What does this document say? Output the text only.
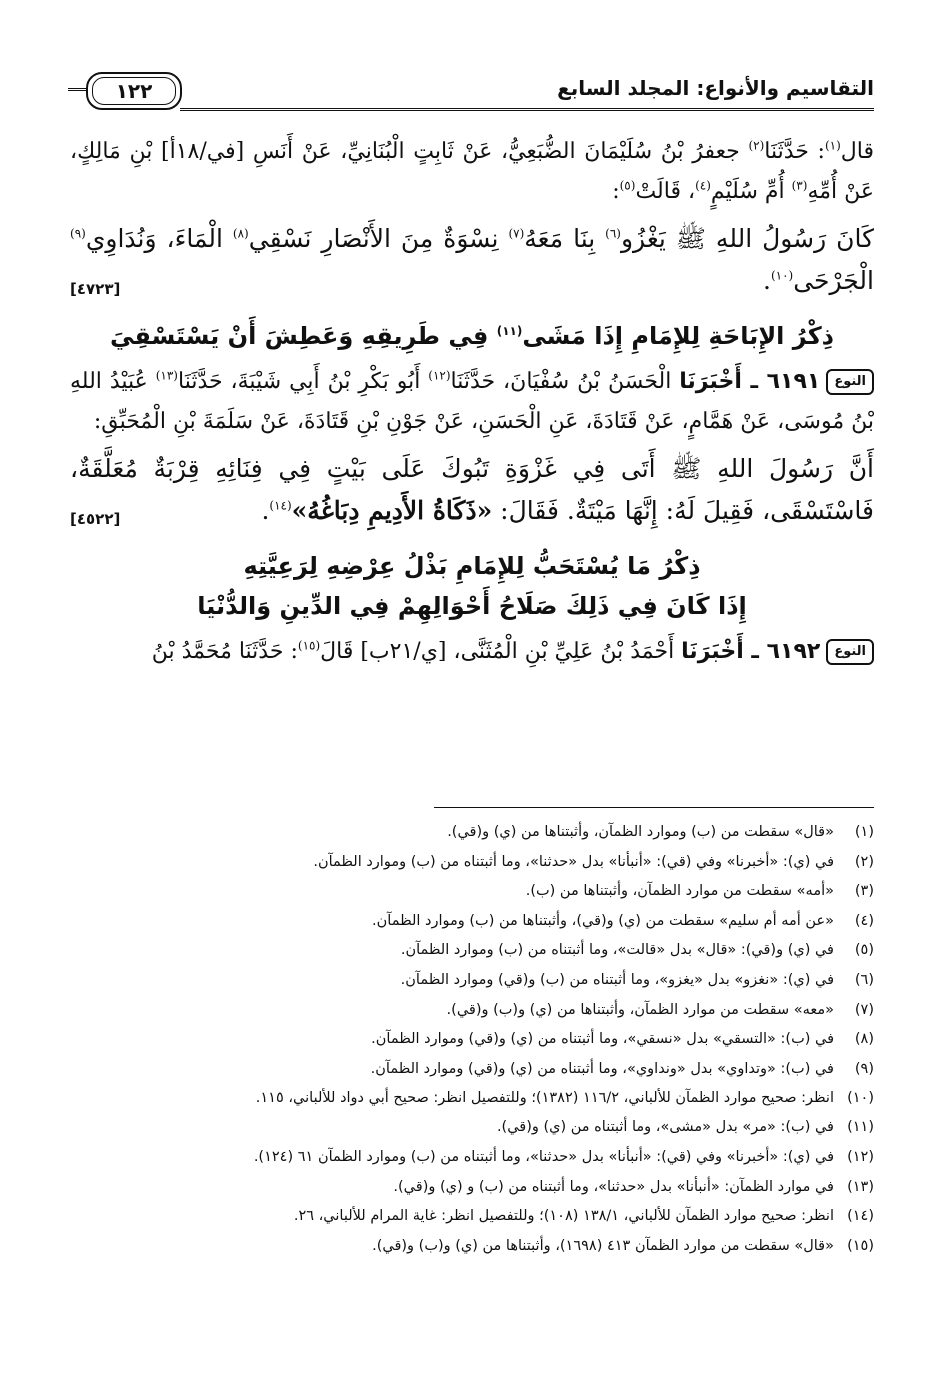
التقاسيم والأنواع: المجلد السابع
١٢٢

قال$^{(١)}$: حَدَّثَنَا$^{(٢)}$ جعفرُ بْنُ سُلَيْمَانَ الضُّبَعِيُّ، عَنْ ثَابِتٍ الْبُنَانِيِّ، عَنْ أَنَسِ [في/١٨أ] بْنِ مَالِكٍ، عَنْ أُمِّهِ$^{(٣)}$ أُمِّ سُلَيْمٍ$^{(٤)}$، قَالَتْ$^{(٥)}$:

كَانَ رَسُولُ اللهِ ﷺ يَغْزُو$^{(٦)}$ بِنَا مَعَهُ$^{(٧)}$ نِسْوَةٌ مِنَ الأَنْصَارِ نَسْقِي$^{(٨)}$ الْمَاءَ، وَنُدَاوِي$^{(٩)}$ الْجَرْحَى$^{(١٠)}$.
[٤٧٢٣]

ذِكْرُ الإِبَاحَةِ لِلإِمَامِ إِذَا مَشَى$^{(١١)}$ فِي طَرِيقِهِ وَعَطِشَ أَنْ يَسْتَسْقِيَ

النوع٦١٩١ ـ أَخْبَرَنَا الْحَسَنُ بْنُ سُفْيَانَ، حَدَّثَنَا$^{(١٢)}$ أَبُو بَكْرِ بْنُ أَبِي شَيْبَةَ، حَدَّثَنَا$^{(١٣)}$ عُبَيْدُ اللهِ بْنُ مُوسَى، عَنْ هَمَّامٍ، عَنْ قَتَادَةَ، عَنِ الْحَسَنِ، عَنْ جَوْنِ بْنِ قَتَادَةَ، عَنْ سَلَمَةَ بْنِ الْمُحَبِّقِ:

أَنَّ رَسُولَ اللهِ ﷺ أَتَى فِي غَزْوَةِ تَبُوكَ عَلَى بَيْتٍ فِي فِنَائِهِ قِرْبَةٌ مُعَلَّقَةٌ، فَاسْتَسْقَى، فَقِيلَ لَهُ: إِنَّهَا مَيْتَةٌ. فَقَالَ: «ذَكَاةُ الأَدِيمِ دِبَاغُهُ»$^{(١٤)}$.
[٤٥٢٢]

ذِكْرُ مَا يُسْتَحَبُّ لِلإِمَامِ بَذْلُ عِرْضِهِ لِرَعِيَّتِهِ
إِذَا كَانَ فِي ذَلِكَ صَلَاحُ أَحْوَالِهِمْ فِي الدِّينِ وَالدُّنْيَا

النوع٦١٩٢ ـ أَخْبَرَنَا أَحْمَدُ بْنُ عَلِيِّ بْنِ الْمُثَنَّى، [ي/٢١ب] قَالَ$^{(١٥)}$: حَدَّثَنَا مُحَمَّدُ بْنُ

(١)«قال» سقطت من (ب) وموارد الظمآن، وأثبتناها من (ي) و(قي).

(٢)في (ي): «أخبرنا» وفي (قي): «أنبأنا» بدل «حدثنا»، وما أثبتناه من (ب) وموارد الظمآن.

(٣)«أمه» سقطت من موارد الظمآن، وأثبتناها من (ب).

(٤)«عن أمه أم سليم» سقطت من (ي) و(قي)، وأثبتناها من (ب) وموارد الظمآن.

(٥)في (ي) و(قي): «قال» بدل «قالت»، وما أثبتناه من (ب) وموارد الظمآن.

(٦)في (ي): «نغزو» بدل «يغزو»، وما أثبتناه من (ب) و(قي) وموارد الظمآن.

(٧)«معه» سقطت من موارد الظمآن، وأثبتناها من (ي) و(ب) و(قي).

(٨)في (ب): «التسقي» بدل «نسقي»، وما أثبتناه من (ي) و(قي) وموارد الظمآن.

(٩)في (ب): «وتداوي» بدل «ونداوي»، وما أثبتناه من (ي) و(قي) وموارد الظمآن.

(١٠)انظر: صحيح موارد الظمآن للألباني، ١١٦/٢ (١٣٨٢)؛ وللتفصيل انظر: صحيح أبي دواد للألباني، ١١٥.

(١١)في (ب): «مر» بدل «مشى»، وما أثبتناه من (ي) و(قي).

(١٢)في (ي): «أخبرنا» وفي (قي): «أنبأنا» بدل «حدثنا»، وما أثبتناه من (ب) وموارد الظمآن ٦١ (١٢٤).

(١٣)في موارد الظمآن: «أنبأنا» بدل «حدثنا»، وما أثبتناه من (ب) و (ي) و(قي).

(١٤)انظر: صحيح موارد الظمآن للألباني، ١٣٨/١ (١٠٨)؛ وللتفصيل انظر: غاية المرام للألباني، ٢٦.

(١٥)«قال» سقطت من موارد الظمآن ٤١٣ (١٦٩٨)، وأثبتناها من (ي) و(ب) و(قي).
